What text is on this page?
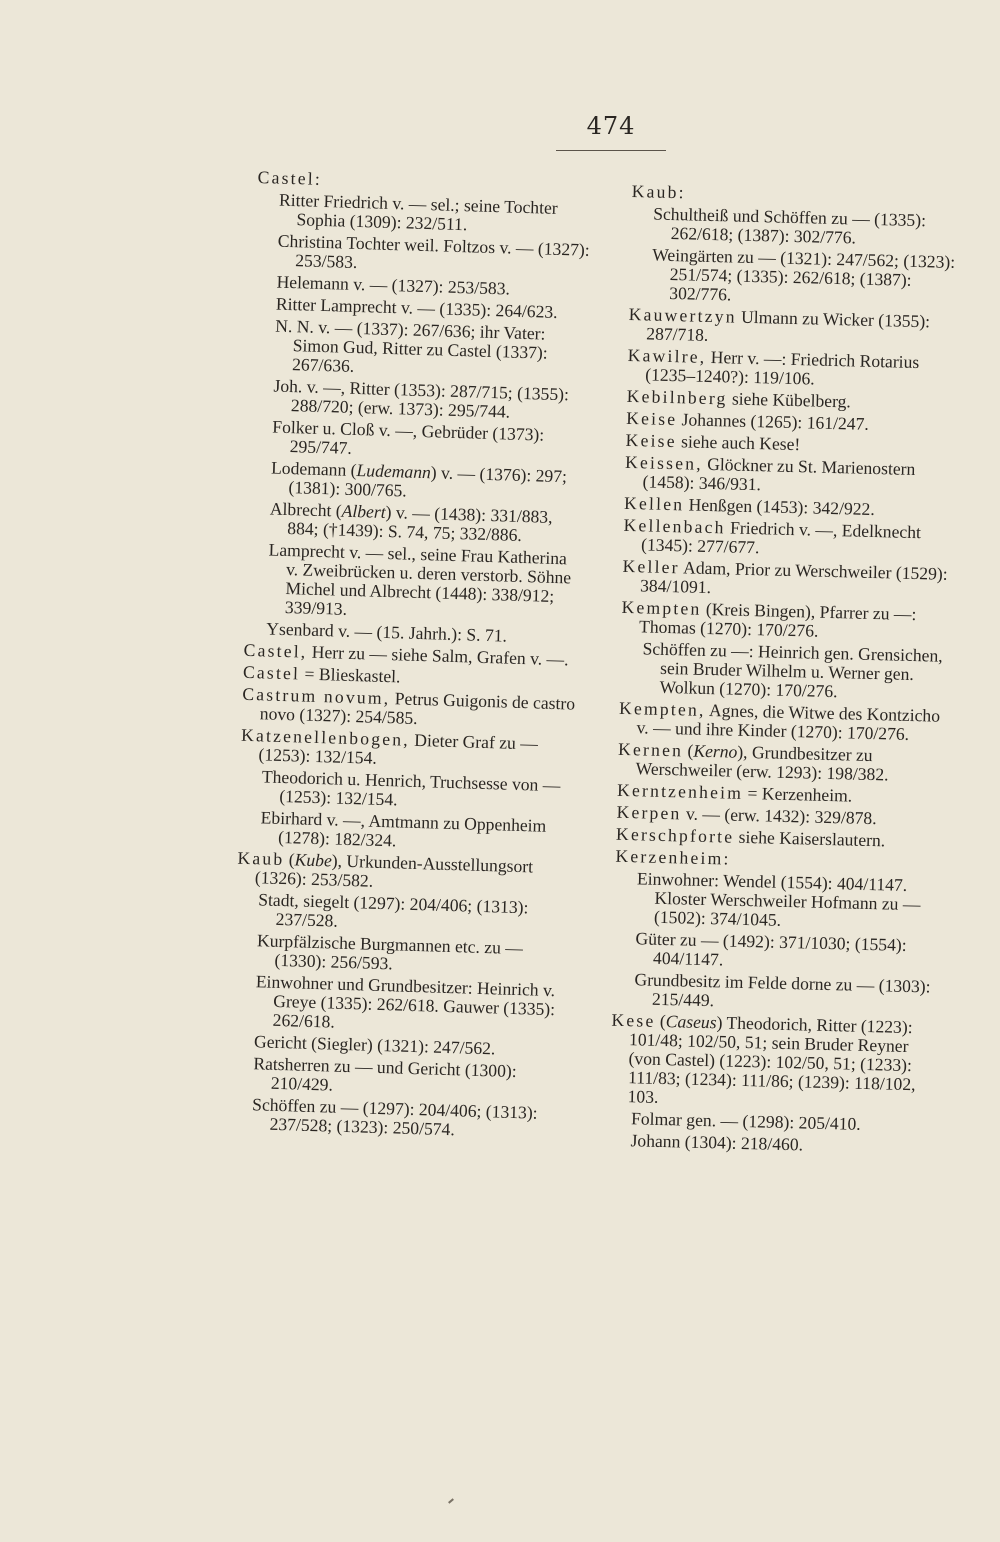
474

Castel:

Ritter Friedrich v. — sel.; seine Tochter Sophia (1309): 232/511.

Christina Tochter weil. Foltzos v. — (1327): 253/583.

Helemann v. — (1327): 253/583.

Ritter Lamprecht v. — (1335): 264/623.

N. N. v. — (1337): 267/636; ihr Vater: Simon Gud, Ritter zu Castel (1337): 267/636.

Joh. v. —, Ritter (1353): 287/715; (1355): 288/720; (erw. 1373): 295/744.

Folker u. Cloß v. —, Gebrüder (1373): 295/747.

Lodemann (Ludemann) v. — (1376): 297; (1381): 300/765.

Albrecht (Albert) v. — (1438): 331/883, 884; (†1439): S. 74, 75; 332/886.

Lamprecht v. — sel., seine Frau Katherina v. Zweibrücken u. deren verstorb. Söhne Michel und Albrecht (1448): 338/912; 339/913.

Ysenbard v. — (15. Jahrh.): S. 71.

Castel, Herr zu — siehe Salm, Grafen v. —.

Castel = Blieskastel.

Castrum novum, Petrus Guigonis de castro novo (1327): 254/585.

Katzenellenbogen, Dieter Graf zu — (1253): 132/154.

Theodorich u. Henrich, Truchsesse von — (1253): 132/154.

Ebirhard v. —, Amtmann zu Oppenheim (1278): 182/324.

Kaub (Kube), Urkunden-Ausstellungsort (1326): 253/582.

Stadt, siegelt (1297): 204/406; (1313): 237/528.

Kurpfälzische Burgmannen etc. zu — (1330): 256/593.

Einwohner und Grundbesitzer: Heinrich v. Greye (1335): 262/618. Gauwer (1335): 262/618.

Gericht (Siegler) (1321): 247/562.

Ratsherren zu — und Gericht (1300): 210/429.

Schöffen zu — (1297): 204/406; (1313): 237/528; (1323): 250/574.

Kaub:

Schultheiß und Schöffen zu — (1335): 262/618; (1387): 302/776.

Weingärten zu — (1321): 247/562; (1323): 251/574; (1335): 262/618; (1387): 302/776.

Kauwertzyn Ulmann zu Wicker (1355): 287/718.

Kawilre, Herr v. —: Friedrich Rotarius (1235–1240?): 119/106.

Kebilnberg siehe Kübelberg.

Keise Johannes (1265): 161/247.

Keise siehe auch Kese!

Keissen, Glöckner zu St. Marienostern (1458): 346/931.

Kellen Henßgen (1453): 342/922.

Kellenbach Friedrich v. —, Edelknecht (1345): 277/677.

Keller Adam, Prior zu Werschweiler (1529): 384/1091.

Kempten (Kreis Bingen), Pfarrer zu —: Thomas (1270): 170/276.

Schöffen zu —: Heinrich gen. Grensichen, sein Bruder Wilhelm u. Werner gen. Wolkun (1270): 170/276.

Kempten, Agnes, die Witwe des Kontzicho v. — und ihre Kinder (1270): 170/276.

Kernen (Kerno), Grundbesitzer zu Werschweiler (erw. 1293): 198/382.

Kerntzenheim = Kerzenheim.

Kerpen v. — (erw. 1432): 329/878.

Kerschpforte siehe Kaiserslautern.

Kerzenheim:

Einwohner: Wendel (1554): 404/1147. Kloster Werschweiler Hofmann zu — (1502): 374/1045.

Güter zu — (1492): 371/1030; (1554): 404/1147.

Grundbesitz im Felde dorne zu — (1303): 215/449.

Kese (Caseus) Theodorich, Ritter (1223): 101/48; 102/50, 51; sein Bruder Reyner (von Castel) (1223): 102/50, 51; (1233): 111/83; (1234): 111/86; (1239): 118/102, 103.

Folmar gen. — (1298): 205/410.

Johann (1304): 218/460.
